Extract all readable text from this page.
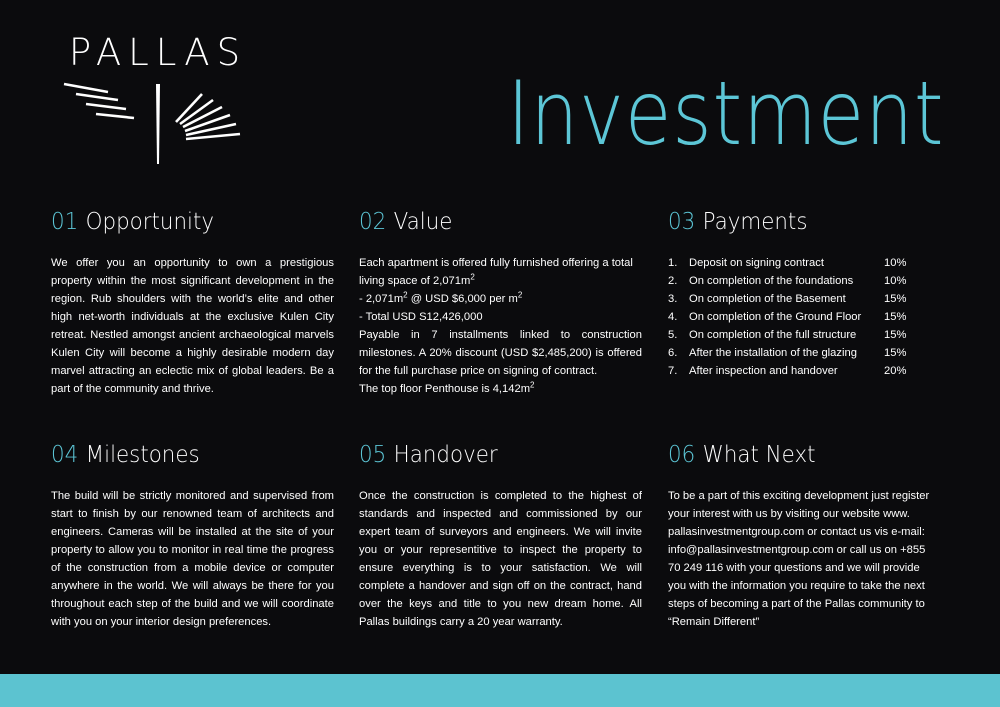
PALLAS
Investment
01 Opportunity
We offer you an opportunity to own a prestigious property within the most significant development in the region. Rub shoulders with the world’s elite and other high net-worth individuals at the exclusive Kulen City retreat. Nestled amongst ancient archaeological marvels Kulen City will become a highly desirable modern day marvel attracting an eclectic mix of global leaders. Be a part of the community and thrive.
02 Value
Each apartment is offered fully furnished offering a total
living space of $2,071m^2$
- $2,071m^2$ @ USD $6,000 per $m^2$
- Total USD S12,426,000
Payable in 7 installments linked to construction milestones. A 20% discount (USD $2,485,200) is offered for the full purchase price on signing of contract.
The top floor Penthouse is $4,142m^2$
03 Payments
1.	Deposit on signing contract	10%
2.	On completion of the foundations	10%
3.	On completion of the Basement	15%
4.	On completion of the Ground Floor	15%
5.	On completion of the full structure	15%
6.	After the installation of the glazing	15%
7.	After inspection and handover	20%
04 Milestones
The build will be strictly monitored and supervised from start to finish by our renowned team of architects and engineers. Cameras will be installed at the site of your property to allow you to monitor in real time the progress of the construction from a mobile device or computer anywhere in the world. We will always be there for you throughout each step of the build and we will coordinate with you on your interior design preferences.
05 Handover
Once the construction is completed to the highest of standards and inspected and commissioned by our expert team of surveyors and engineers. We will invite you or your representitive to inspect the property to ensure everything is to your satisfaction. We will complete a handover and sign off on the contract, hand over the keys and title to you new dream home. All Pallas buildings carry a 20 year warranty.
06 What Next
To be a part of this exciting development just register
your interest with us by visiting our website www.
pallasinvestmentgroup.com or contact us vis e-mail:
info@pallasinvestmentgroup.com or call us on +855
70 249 116 with your questions and we will provide
you with the information you require to take the next
steps of becoming a part of the Pallas community to
“Remain Different”
